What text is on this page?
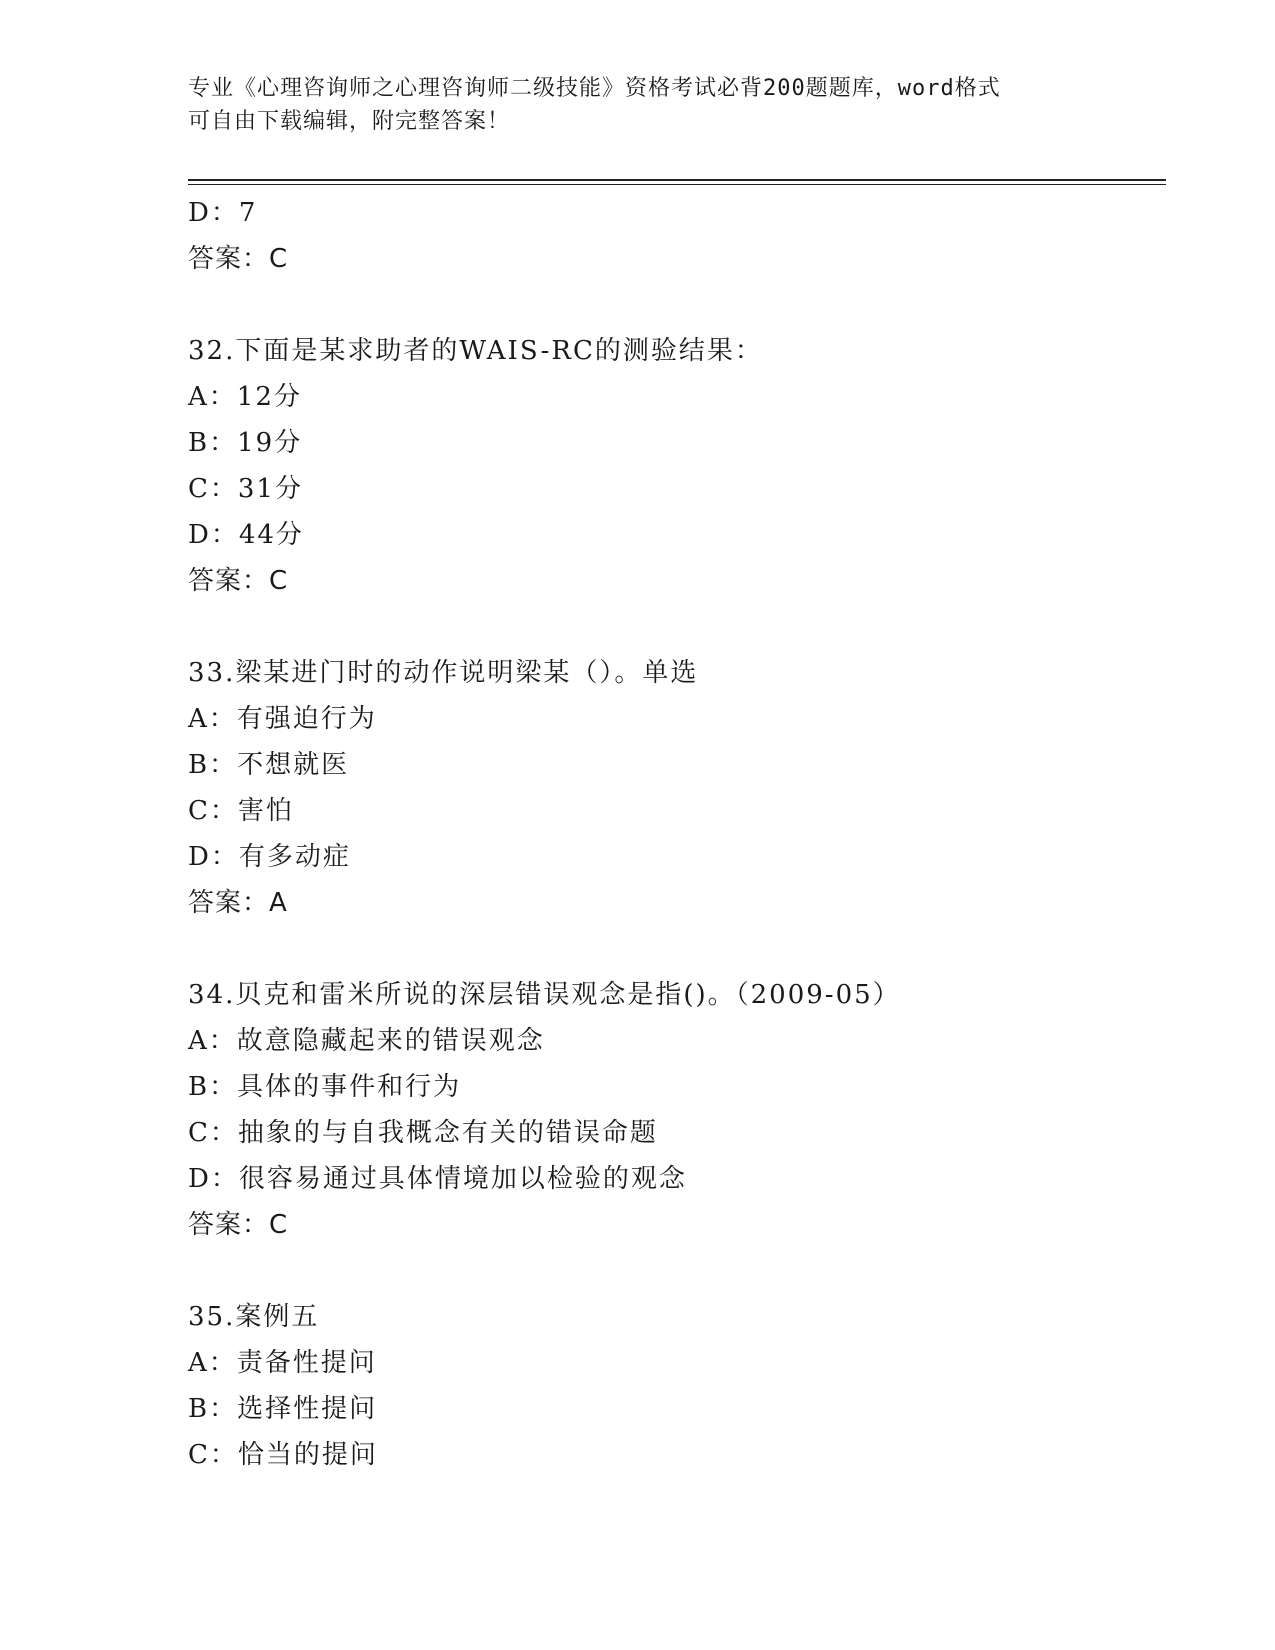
专业《心理咨询师之心理咨询师二级技能》资格考试必背200题题库，word格式
可自由下载编辑，附完整答案！
D：7
答案：C
32.下面是某求助者的WAIS-RC的测验结果：
A：12分
B：19分
C：31分
D：44分
答案：C
33.梁某进门时的动作说明梁某（）。单选
A：有强迫行为
B：不想就医
C：害怕
D：有多动症
答案：A
34.贝克和雷米所说的深层错误观念是指()。（2009-05）
A：故意隐藏起来的错误观念
B：具体的事件和行为
C：抽象的与自我概念有关的错误命题
D：很容易通过具体情境加以检验的观念
答案：C
35.案例五
A：责备性提问
B：选择性提问
C：恰当的提问
